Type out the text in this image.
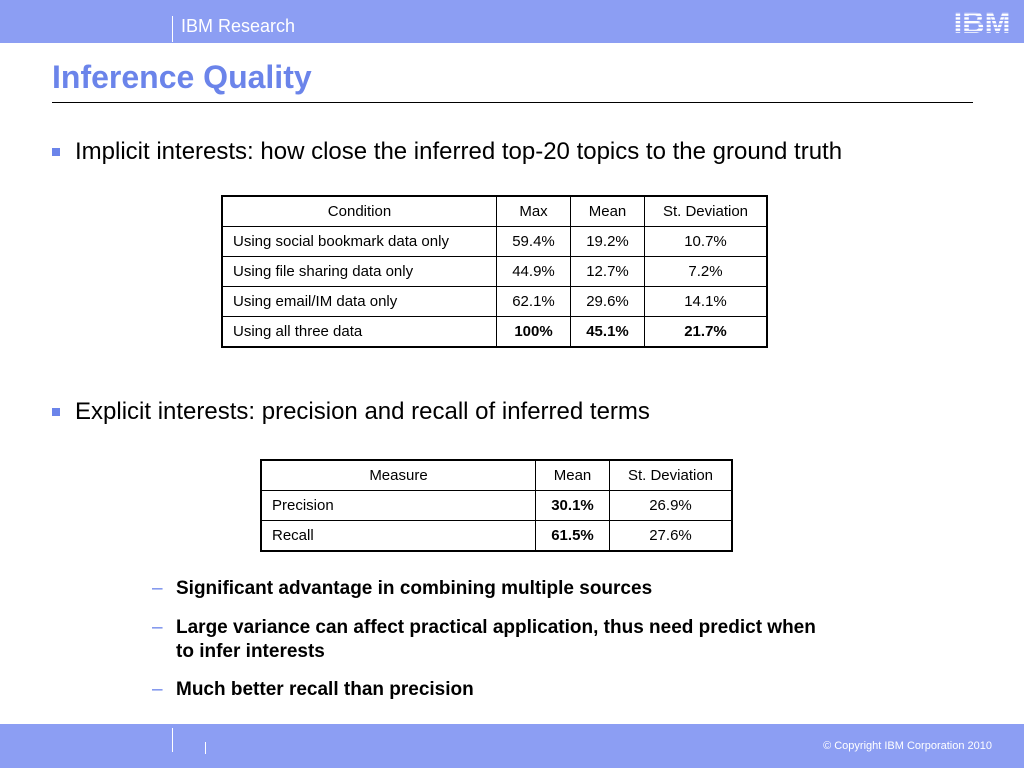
IBM Research	IBM
Inference Quality
Implicit interests: how close the inferred top-20 topics to the ground truth
Condition	Max	Mean	St. Deviation
Using social bookmark data only	59.4%	19.2%	10.7%
Using file sharing data only	44.9%	12.7%	7.2%
Using email/IM data only	62.1%	29.6%	14.1%
Using all three data	100%	45.1%	21.7%
Explicit interests: precision and recall of inferred terms
Measure	Mean	St. Deviation
Precision	30.1%	26.9%
Recall	61.5%	27.6%
– Significant advantage in combining multiple sources
– Large variance can affect practical application, thus need predict when to infer interests
– Much better recall than precision
© Copyright IBM Corporation 2010
